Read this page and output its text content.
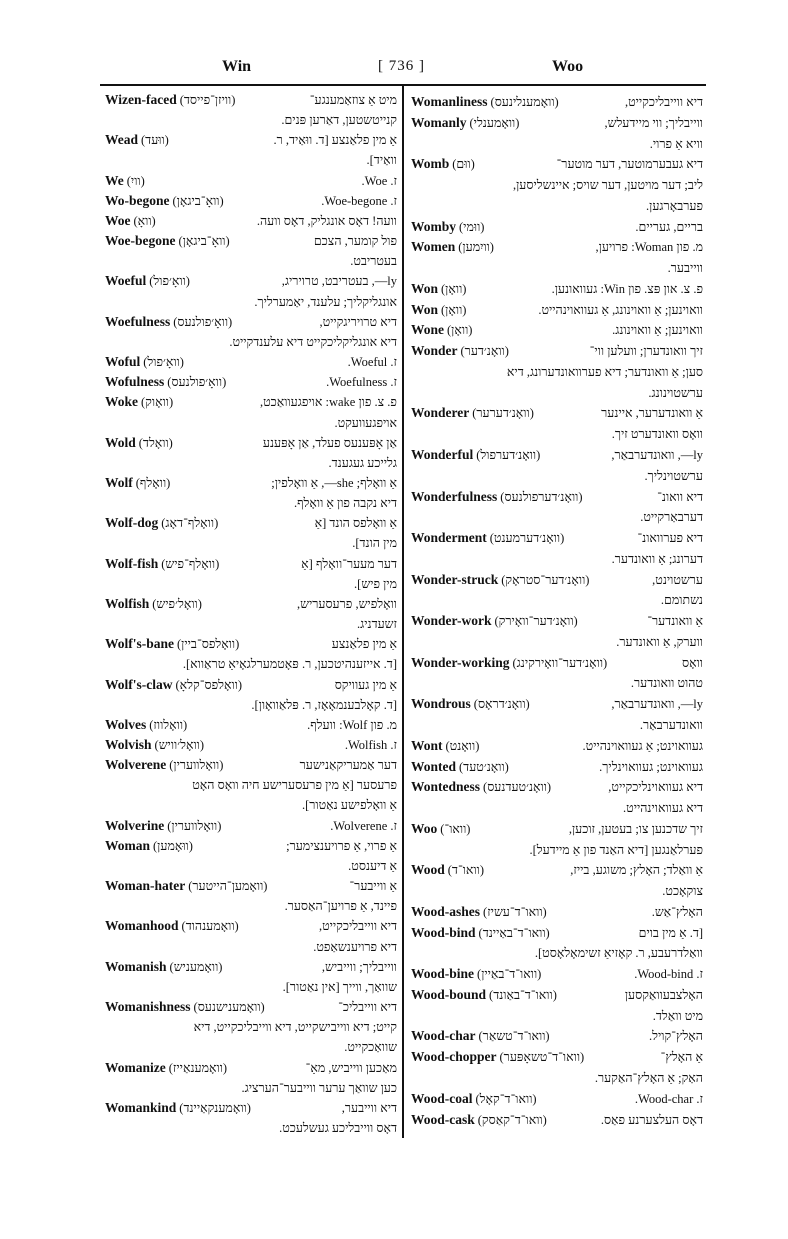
Win	[ 736 ]	Woo
Wizen-faced (וויזן־פייסד)	מיט אַ צוזאַמענגע־
קנייטשטען, דאַרען פּנים.
Wead (ווּעד)	אַ מין פלאַנצע [ד. ווּאַיד, ר.
וואַיד].
We (וויִ)	ז. Woe.
Wo-begone (וואָ־ביגאָן)	ז. Woe-begone.
Woe (וואָ)	וועה! דאָס אונגליק, דאָס וועה.
Woe-begone (וואָ־ביגאָן)	פול קומער, הצכם
בעטריבט.
Woeful (וואָ׳פול)	ly—, בעטריבט, טרויריג,
אונגליקליך; עלענד, יאַמערליך.
Woefulness (וואָ׳פולנעס)	דיא טרויריגקייט,
דיא אונגליקליכקייט דיא עלענדקייט.
Woful (וואָ׳פול)	ז. Woeful.
Wofulness (וואָ׳פולנעס)	ז. Woefulness.
Woke (וואָוק)	פ. צ. פון wake: אויפגעוואַכט,
אויפגעוועקט.
Wold (וואָלד)	אַן אָפּענעס פעלד, אַן אָפּענע
גלייכע געגענד.
Wolf (וואָלף)	אַ וואָלף; she—, אַ וואָלפין;
דיא נקבה פון אַ וואָלף.
Wolf-dog (וואָלף־דאָג)	אַ וואָלפס הונד [אַ
מין הונד].
Wolf-fish (וואָלף־פיש)	דער מעער־וואָלף [אַ
מין פיש].
Wolfish (וואָל׳פיש)	וואָלפיש, פרעסעריש,
זשעדניג.
Wolf's-bane (וואָלפס־ביין)	אַ מין פלאַנצע
[ד. אייזענהיטכען, ר. פּאָטמערלגאָיאַ טראַווא].
Wolf's-claw (וואָלפס־קלאָ)	אַ מין געוויקס
[ד. קאָלבענמאָאָז, ר. פּלאַוואָון].
Wolves (וואָלווז)	מ. פון Wolf: וועלף.
Wolvish (וואָל׳וויש)	ז. Wolfish.
Wolverene (וואָלווערין)	דער אַמעריקאַנישער
פרעסער [אַ מין פרעסערישע חיה וואָס האָט
אַ וואָלפישע נאַטור].
Wolverine (וואָלווערין)	ז. Wolverene.
Woman (ווּאָמען)	אַ פרוי, אַ פרויענצימער;
אַ דיענסט.
Woman-hater (וואָמען־הייטער)	אַ ווייבער־
פיינד, אַ פרויען־האַסער.
Womanhood (וואָמענהוד)	דיא ווייבליכקייט,
דיא פרויענשאַפט.
Womanish (וואָמעניש)	ווייבליך; ווייביש,
שוואַך, ווייך [אין נאַטור].
Womanishness (וואָמענישנעס)	דיא ווייבליכ־
קייט; דיא ווייבישקייט, דיא ווייבליכקייט, דיא
שוואַכקייט.
Womanize (וואָמענאַייז)	מאַכען ווייביש, מאַ־
כען שוואַך ערער ווייבער־הערציג.
Womankind (וואָמענקאַיינד)	דיא ווייבער,
דאָס ווייבליכע געשלעכט.
Womanliness (וואָמענלינעס)	דיא ווייבליכקייט,
Womanly (וואָמענלי)	ווייבליך; ווי מיידעלש,
וויא אַ פרוי.
Womb (ווּם)	דיא געבערמוטער, דער מוטער־
ליב; דער מויטען, דער שויס; איינשליסען,
פערבאָרגען.
Womby (ווּמי)	בריים, געריים.
Women (וויִמען)	מ. פון Woman: פרויען,
ווייבער.
Won (וואָן)	פ. צ. און פּצ. פון Win: געוואונען.
Won (וואָן)	וואוינען; אַ וואוינונג, אַ געוואוינהייט.
Wone (וואָן)	וואוינען; אַ וואוינונג.
Wonder (וואָנ׳דער)	זיך וואונדערן; וועלען ווי־
סען; אַ וואונדער; דיא פערוואונדערונג, דיא
ערשטוינונג.
Wonderer (וואָנ׳דערער)	אַ וואונדערער, איינער
וואָס וואונדערט זיך.
Wonderful (וואָנ׳דערפול)	ly—, וואונדערבאַר,
ערשטוינליך.
Wonderfulness (וואָנ׳דערפולנעס)	דיא וואונ־
דערבאַרקייט.
Wonderment (וואָנ׳דערמענט)	דיא פערוואונ־
דערונג; אַ וואונדער.
Wonder-struck (וואָנ׳דער־סטראָק)	ערשטוינט,
נשתומם.
Wonder-work (וואָנ׳דער־וואָירק)	אַ וואונדער־
ווערק, אַ וואונדער.
Wonder-working (וואָנ׳דער־וואָירקינג)	וואָס
טהוט וואונדער.
Wondrous (וואָנ׳דראָס)	ly—, וואונדערבאַר,
וואונדערבאַר.
Wont (וואָנט)	געוואוינט; אַ געוואוינהייט.
Wonted (וואָנ׳טעד)	געוואוינט; געוואוינליך.
Wontedness (וואָנ׳טעדנעס)	דיא געוואוינליכקייט,
דיא געוואוינהייט.
Woo (וואו־)	זיך שדכנען צו; בעטען, זוכען,
פערלאַנגען [דיא האַנד פון אַ מיידעל].
Wood (וואו־ד)	אַ וואַלד; האָלץ; משוגע, בייז,
צוקאָכט.
Wood-ashes (וואו־ד־עשיז)	האָלץ־אַש.
Wood-bind (וואו־ד־באַיינד)	[ד. אַ מין בוים
וואַלדרעבע, ר. קאָזיאַ זשימאָלאָסט].
Wood-bine (וואו־ד־באַיין)	ז. Wood-bind.
Wood-bound (וואו־ד־באַונד)	האָלצבעוואַקסען
מיט וואַלד.
Wood-char (וואו־ד־טשאַר)	האָלץ־קויל.
Wood-chopper (וואו־ד־טשאָפּער)	אַ האָלץ־
האַק; אַ האָלץ־האַקער.
Wood-coal (וואו־ד־קאָל)	ז. Wood-char.
Wood-cask (וואו־ד־קאַסק)	דאָס העלצערנע פאַס.
